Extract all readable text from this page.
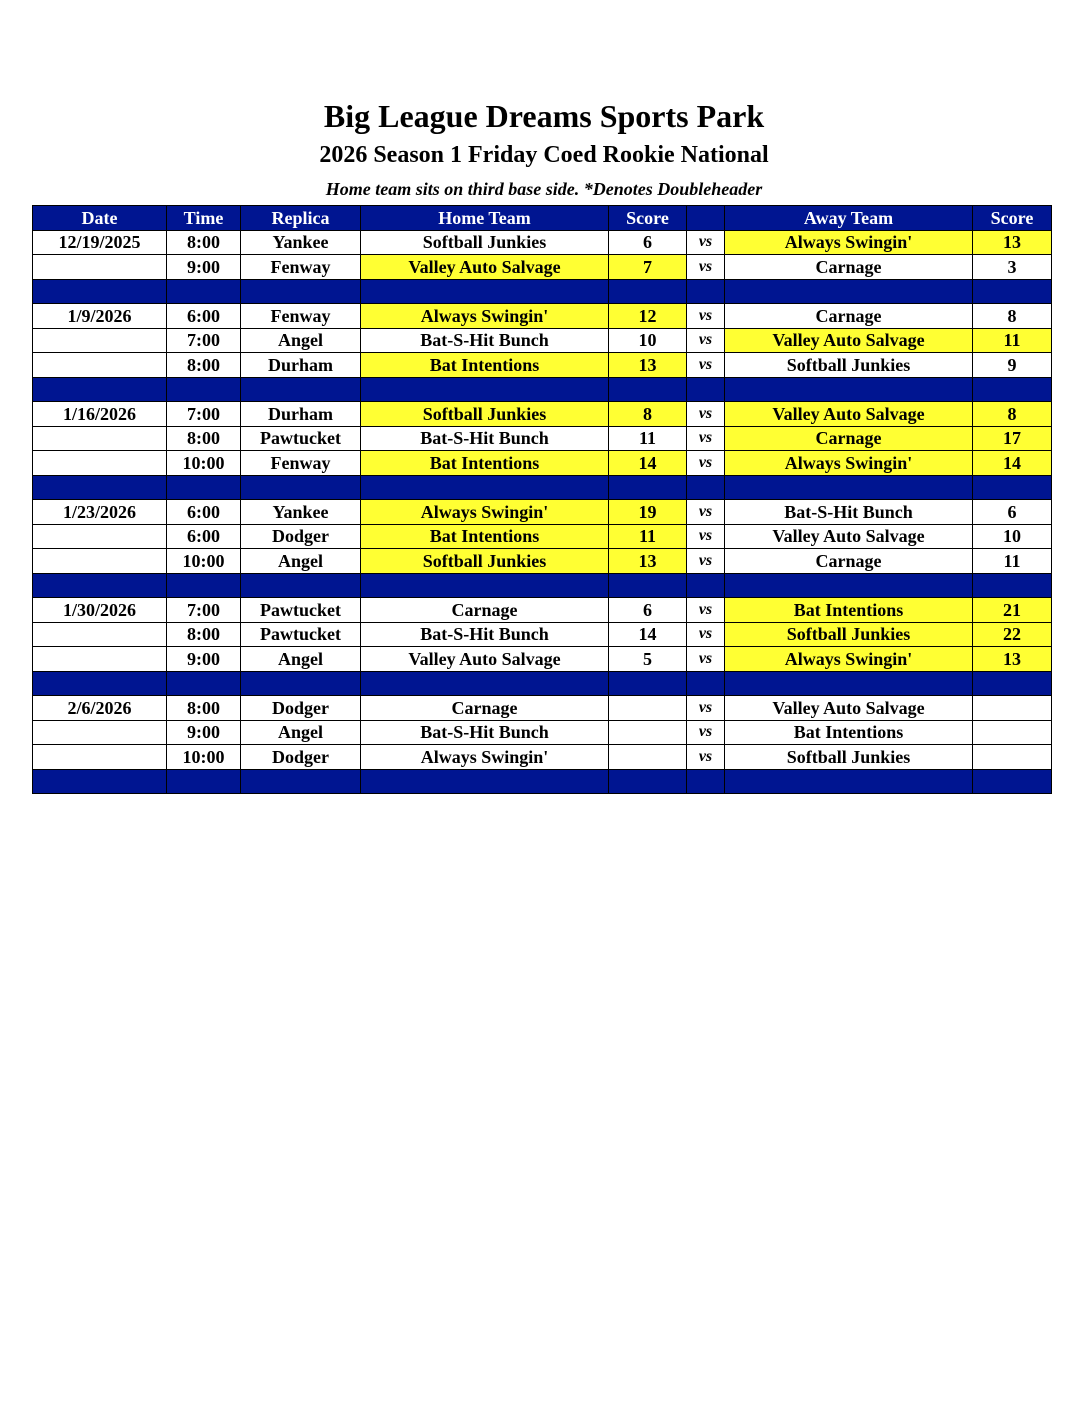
Big League Dreams Sports Park
2026 Season 1 Friday Coed Rookie National
Home team sits on third base side. *Denotes Doubleheader
Date	Time	Replica	Home Team	Score		Away Team	Score
12/19/2025	8:00	Yankee	Softball Junkies	6	vs	Always Swingin'	13
	9:00	Fenway	Valley Auto Salvage	7	vs	Carnage	3

1/9/2026	6:00	Fenway	Always Swingin'	12	vs	Carnage	8
	7:00	Angel	Bat-S-Hit Bunch	10	vs	Valley Auto Salvage	11
	8:00	Durham	Bat Intentions	13	vs	Softball Junkies	9

1/16/2026	7:00	Durham	Softball Junkies	8	vs	Valley Auto Salvage	8
	8:00	Pawtucket	Bat-S-Hit Bunch	11	vs	Carnage	17
	10:00	Fenway	Bat Intentions	14	vs	Always Swingin'	14

1/23/2026	6:00	Yankee	Always Swingin'	19	vs	Bat-S-Hit Bunch	6
	6:00	Dodger	Bat Intentions	11	vs	Valley Auto Salvage	10
	10:00	Angel	Softball Junkies	13	vs	Carnage	11

1/30/2026	7:00	Pawtucket	Carnage	6	vs	Bat Intentions	21
	8:00	Pawtucket	Bat-S-Hit Bunch	14	vs	Softball Junkies	22
	9:00	Angel	Valley Auto Salvage	5	vs	Always Swingin'	13

2/6/2026	8:00	Dodger	Carnage		vs	Valley Auto Salvage	
	9:00	Angel	Bat-S-Hit Bunch		vs	Bat Intentions	
	10:00	Dodger	Always Swingin'		vs	Softball Junkies	
